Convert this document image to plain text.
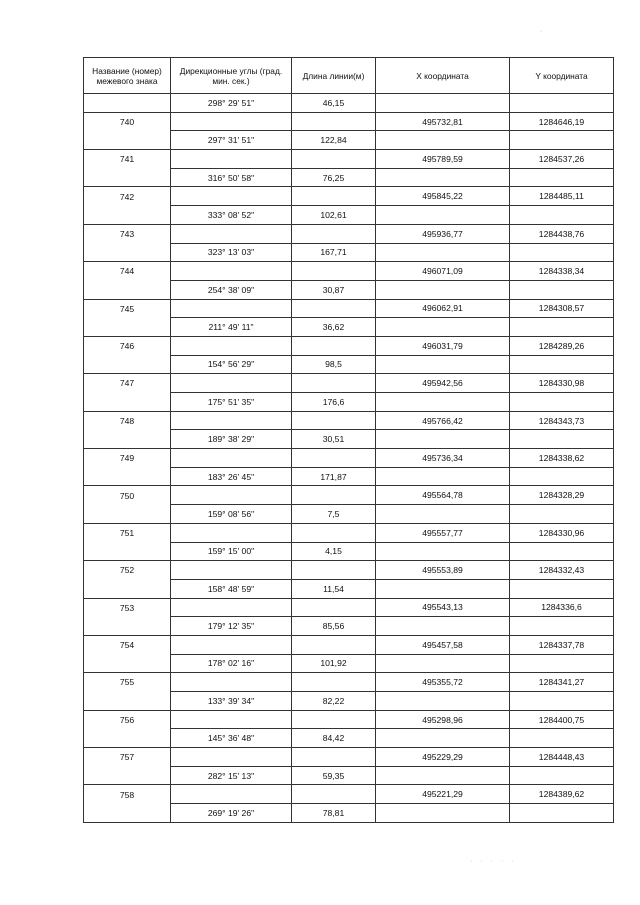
Название (номер) межевого знака	Дирекционные углы (град. мин. сек.)	Длина линии(м)	X координата	Y координата
	298° 29' 51"	46,15		
740			495732,81	1284646,19
	297° 31' 51"	122,84		
741			495789,59	1284537,26
	316° 50' 58"	76,25		
742			495845,22	1284485,11
	333° 08' 52"	102,61		
743			495936,77	1284438,76
	323° 13' 03"	167,71		
744			496071,09	1284338,34
	254° 38' 09"	30,87		
745			496062,91	1284308,57
	211° 49' 11"	36,62		
746			496031,79	1284289,26
	154° 56' 29"	98,5		
747			495942,56	1284330,98
	175° 51' 35"	176,6		
748			495766,42	1284343,73
	189° 38' 29"	30,51		
749			495736,34	1284338,62
	183° 26' 45"	171,87		
750			495564,78	1284328,29
	159° 08' 56"	7,5		
751			495557,77	1284330,96
	159° 15' 00"	4,15		
752			495553,89	1284332,43
	158° 48' 59"	11,54		
753			495543,13	1284336,6
	179° 12' 35"	85,56		
754			495457,58	1284337,78
	178° 02' 16"	101,92		
755			495355,72	1284341,27
	133° 39' 34"	82,22		
756			495298,96	1284400,75
	145° 36' 48"	84,42		
757			495229,29	1284448,43
	282° 15' 13"	59,35		
758			495221,29	1284389,62
	269° 19' 26"	78,81		
·
· · · · ·
